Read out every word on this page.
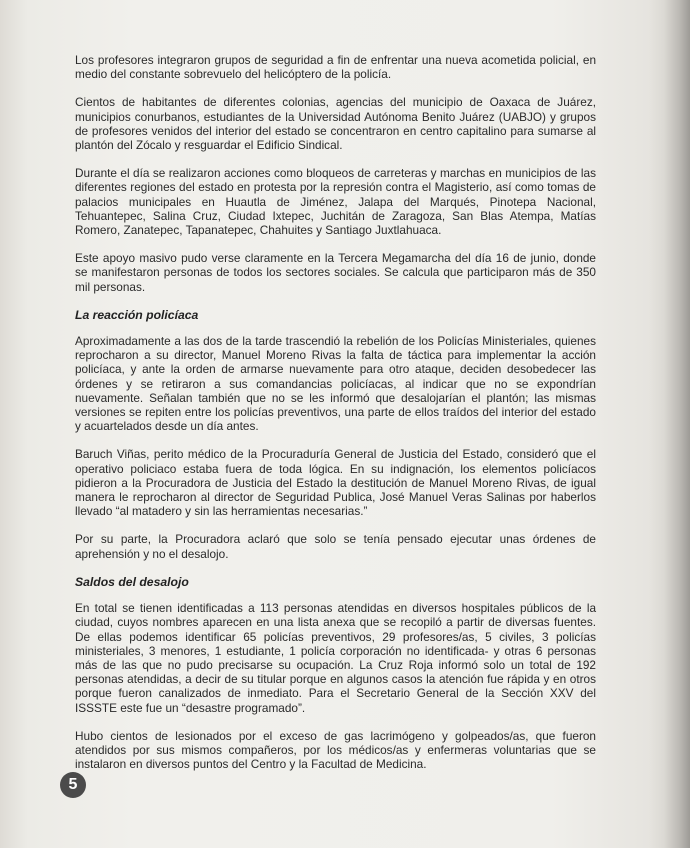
Los profesores integraron grupos de seguridad a fin de enfrentar una nueva acometida policial, en medio del constante sobrevuelo del helicóptero de la policía.

Cientos de habitantes de diferentes colonias, agencias del municipio de Oaxaca de Juárez, municipios conurbanos, estudiantes de la Universidad Autónoma Benito Juárez (UABJO) y grupos de profesores venidos del interior del estado se concentraron en centro capitalino para sumarse al plantón del Zócalo y resguardar el Edificio Sindical.

Durante el día se realizaron acciones como bloqueos de carreteras y marchas en municipios de las diferentes regiones del estado en protesta por la represión contra el Magisterio, así como tomas de palacios municipales en Huautla de Jiménez, Jalapa del Marqués, Pinotepa Nacional, Tehuantepec, Salina Cruz, Ciudad Ixtepec, Juchitán de Zaragoza, San Blas Atempa, Matías Romero, Zanatepec, Tapanatepec, Chahuites y Santiago Juxtlahuaca.

Este apoyo masivo pudo verse claramente en la Tercera Megamarcha del día 16 de junio, donde se manifestaron personas de todos los sectores sociales. Se calcula que participaron más de 350 mil personas.

La reacción policíaca

Aproximadamente a las dos de la tarde trascendió la rebelión de los Policías Ministeriales, quienes reprocharon a su director, Manuel Moreno Rivas la falta de táctica para implementar la acción policíaca, y ante la orden de armarse nuevamente para otro ataque, deciden desobedecer las órdenes y se retiraron a sus comandancias policíacas, al indicar que no se expondrían nuevamente. Señalan también que no se les informó que desalojarían el plantón; las mismas versiones se repiten entre los policías preventivos, una parte de ellos traídos del interior del estado y acuartelados desde un día antes.

Baruch Viñas, perito médico de la Procuraduría General de Justicia del Estado, consideró que el operativo policiaco estaba fuera de toda lógica. En su indignación, los elementos policíacos pidieron a la Procuradora de Justicia del Estado la destitución de Manuel Moreno Rivas, de igual manera le reprocharon al director de Seguridad Publica, José Manuel Veras Salinas por haberlos llevado “al matadero y sin las herramientas necesarias.”

Por su parte, la Procuradora aclaró que solo se tenía pensado ejecutar unas órdenes de aprehensión y no el desalojo.

Saldos del desalojo

En total se tienen identificadas a 113 personas atendidas en diversos hospitales públicos de la ciudad, cuyos nombres aparecen en una lista anexa que se recopiló a partir de diversas fuentes. De ellas podemos identificar 65 policías preventivos, 29 profesores/as, 5 civiles, 3 policías ministeriales, 3 menores, 1 estudiante, 1 policía corporación no identificada- y otras 6 personas más de las que no pudo precisarse su ocupación. La Cruz Roja informó solo un total de 192 personas atendidas, a decir de su titular porque en algunos casos la atención fue rápida y en otros porque fueron canalizados de inmediato. Para el Secretario General de la Sección XXV del ISSSTE este fue un “desastre programado”.

Hubo cientos de lesionados por el exceso de gas lacrimógeno y golpeados/as, que fueron atendidos por sus mismos compañeros, por los médicos/as y enfermeras voluntarias que se instalaron en diversos puntos del Centro y la Facultad de Medicina.

5
